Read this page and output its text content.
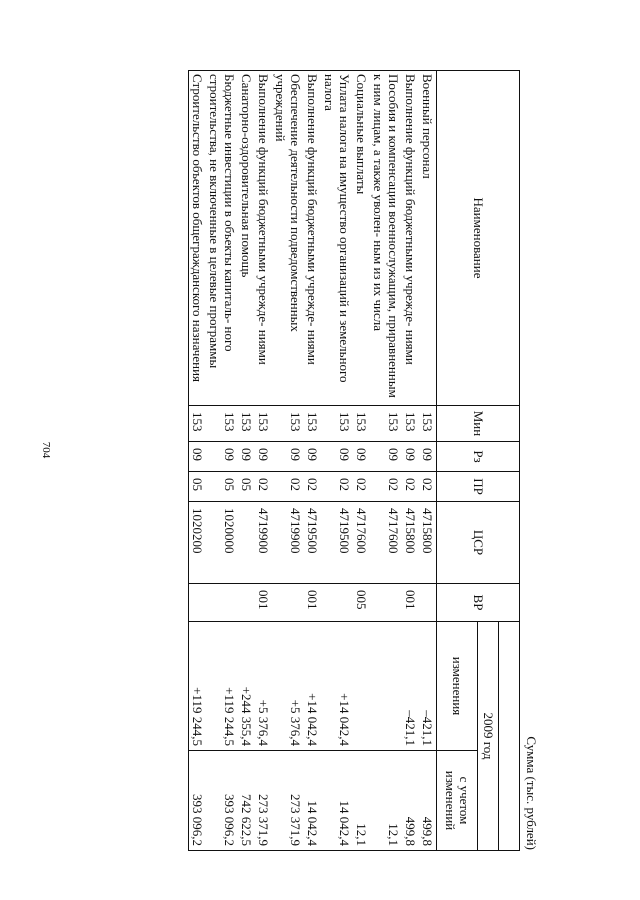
704
Сумма (тыс. рублей)
Наименование	Мин	Рз	ПР	ЦСР	ВР		
						2009 год	
						изменения	с учетом изменений
Военный персонал	153	09	02	4715800		–421,1	499,8
Выполнение функций бюджетными учрежде- ниями	153	09	02	4715800	001	–421,1	499,8
Пособия и компенсации военнослужащим, приравненным к ним лицам, а также уволен- ным из их числа	153	09	02	4717600			12,1
Социальные выплаты	153	09	02	4717600	005		12,1
Уплата налога на имущество организаций и земельного налога	153	09	02	4719500		+14 042,4	14 042,4
Выполнение функций бюджетными учрежде- ниями	153	09	02	4719500	001	+14 042,4	14 042,4
Обеспечение деятельности подведомственных учреждений	153	09	02	4719900		+5 376,4	273 371,9
Выполнение функций бюджетными учрежде- ниями	153	09	02	4719900	001	+5 376,4	273 371,9
Санаторно-оздоровительная помощь	153	09	05			+244 355,4	742 622,5
Бюджетные инвестиции в объекты капиталь- ного строительства, не включенные в целевые программы	153	09	05	1020000		+119 244,5	393 096,2
Строительство объектов общегражданского назначения	153	09	05	1020200		+119 244,5	393 096,2
